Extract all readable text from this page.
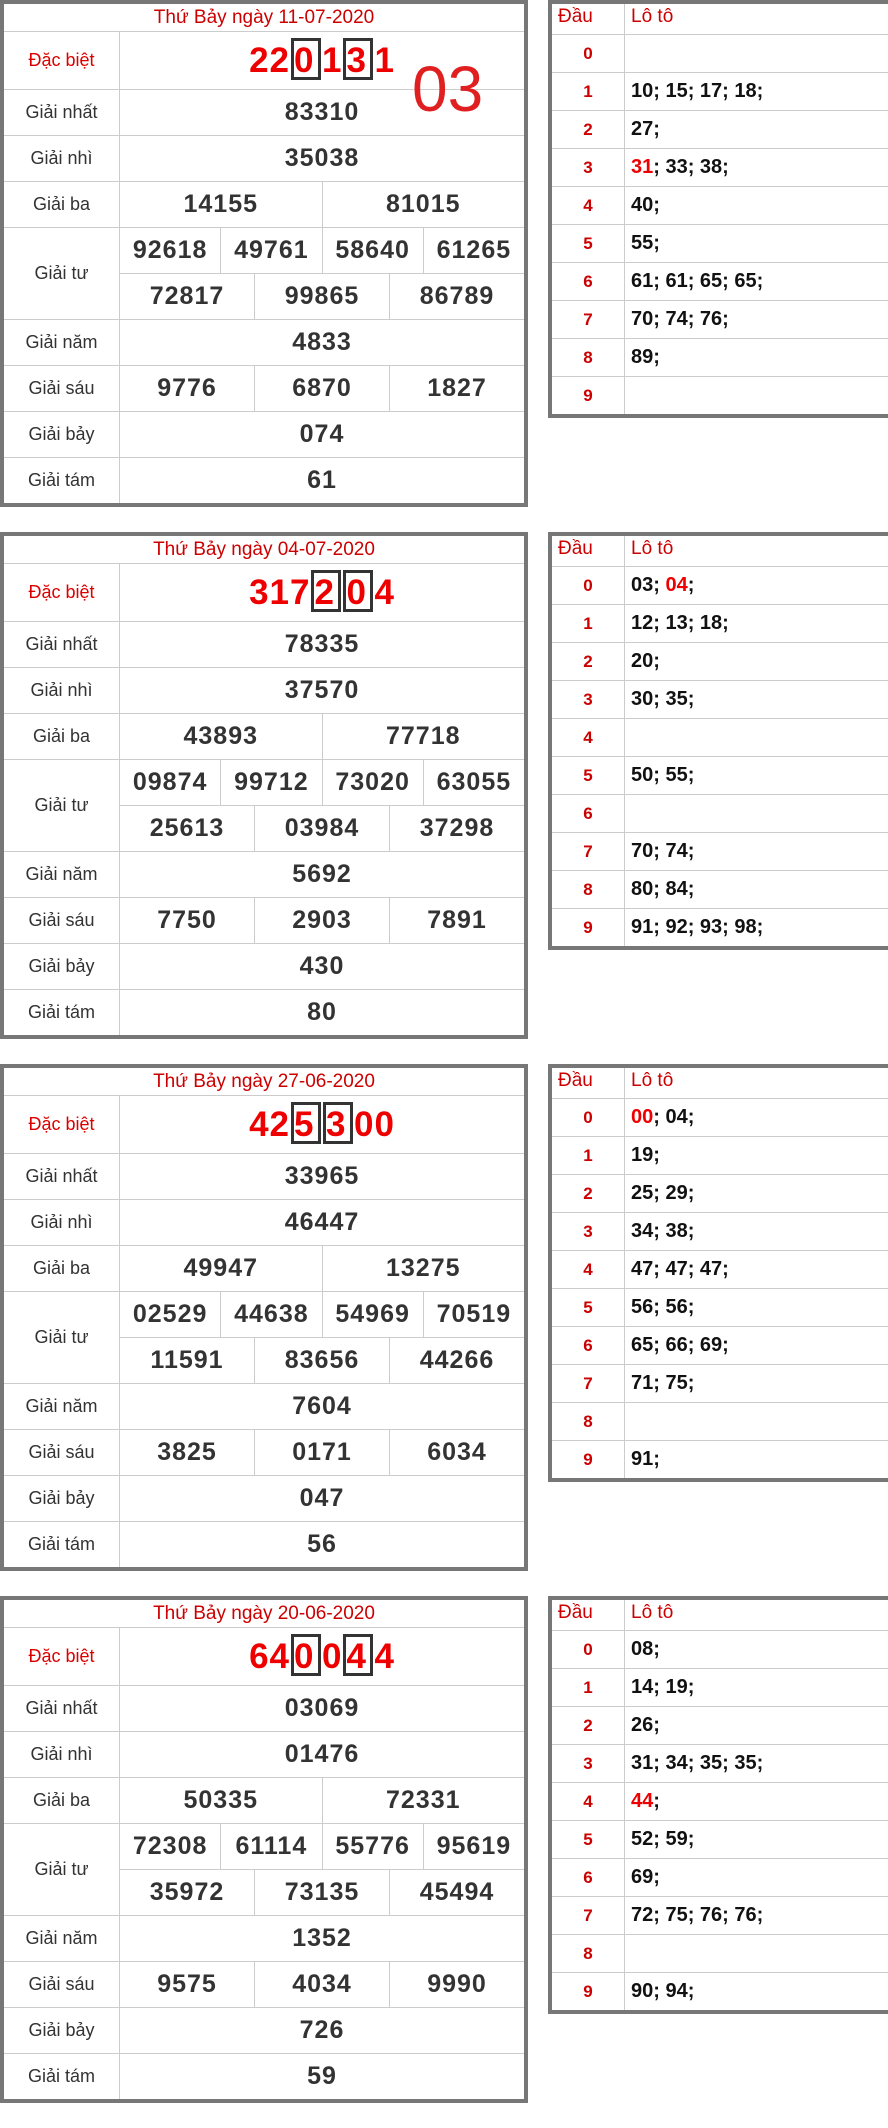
Thứ Bảy ngày 11-07-2020
Đặc biệt	2 2 0 1 3 1
Giải nhất	83310
Giải nhì	35038
Giải ba	14155	81015
Giải tư
92618	49761	58640	61265
72817	99865	86789
Giải năm	4833
Giải sáu	9776	6870	1827
Giải bảy	074
Giải tám	61
03
Đầu	Lô tô
0
1	10; 15; 17; 18;
2	27;
3	31 ; 33; 38;
4	40;
5	55;
6	61; 61; 65; 65;
7	70; 74; 76;
8	89;
9
Thứ Bảy ngày 04-07-2020
Đặc biệt	3 1 7 2 0 4
Giải nhất	78335
Giải nhì	37570
Giải ba	43893	77718
Giải tư
09874	99712	73020	63055
25613	03984	37298
Giải năm	5692
Giải sáu	7750	2903	7891
Giải bảy	430
Giải tám	80
Đầu	Lô tô
0	03; 04 ;
1	12; 13; 18;
2	20;
3	30; 35;
4
5	50; 55;
6
7	70; 74;
8	80; 84;
9	91; 92; 93; 98;
Thứ Bảy ngày 27-06-2020
Đặc biệt	4 2 5 3 0 0
Giải nhất	33965
Giải nhì	46447
Giải ba	49947	13275
Giải tư
02529	44638	54969	70519
11591	83656	44266
Giải năm	7604
Giải sáu	3825	0171	6034
Giải bảy	047
Giải tám	56
Đầu	Lô tô
0	00 ; 04;
1	19;
2	25; 29;
3	34; 38;
4	47; 47; 47;
5	56; 56;
6	65; 66; 69;
7	71; 75;
8
9	91;
Thứ Bảy ngày 20-06-2020
Đặc biệt	6 4 0 0 4 4
Giải nhất	03069
Giải nhì	01476
Giải ba	50335	72331
Giải tư
72308	61114	55776	95619
35972	73135	45494
Giải năm	1352
Giải sáu	9575	4034	9990
Giải bảy	726
Giải tám	59
Đầu	Lô tô
0	08;
1	14; 19;
2	26;
3	31; 34; 35; 35;
4	44 ;
5	52; 59;
6	69;
7	72; 75; 76; 76;
8
9	90; 94;
